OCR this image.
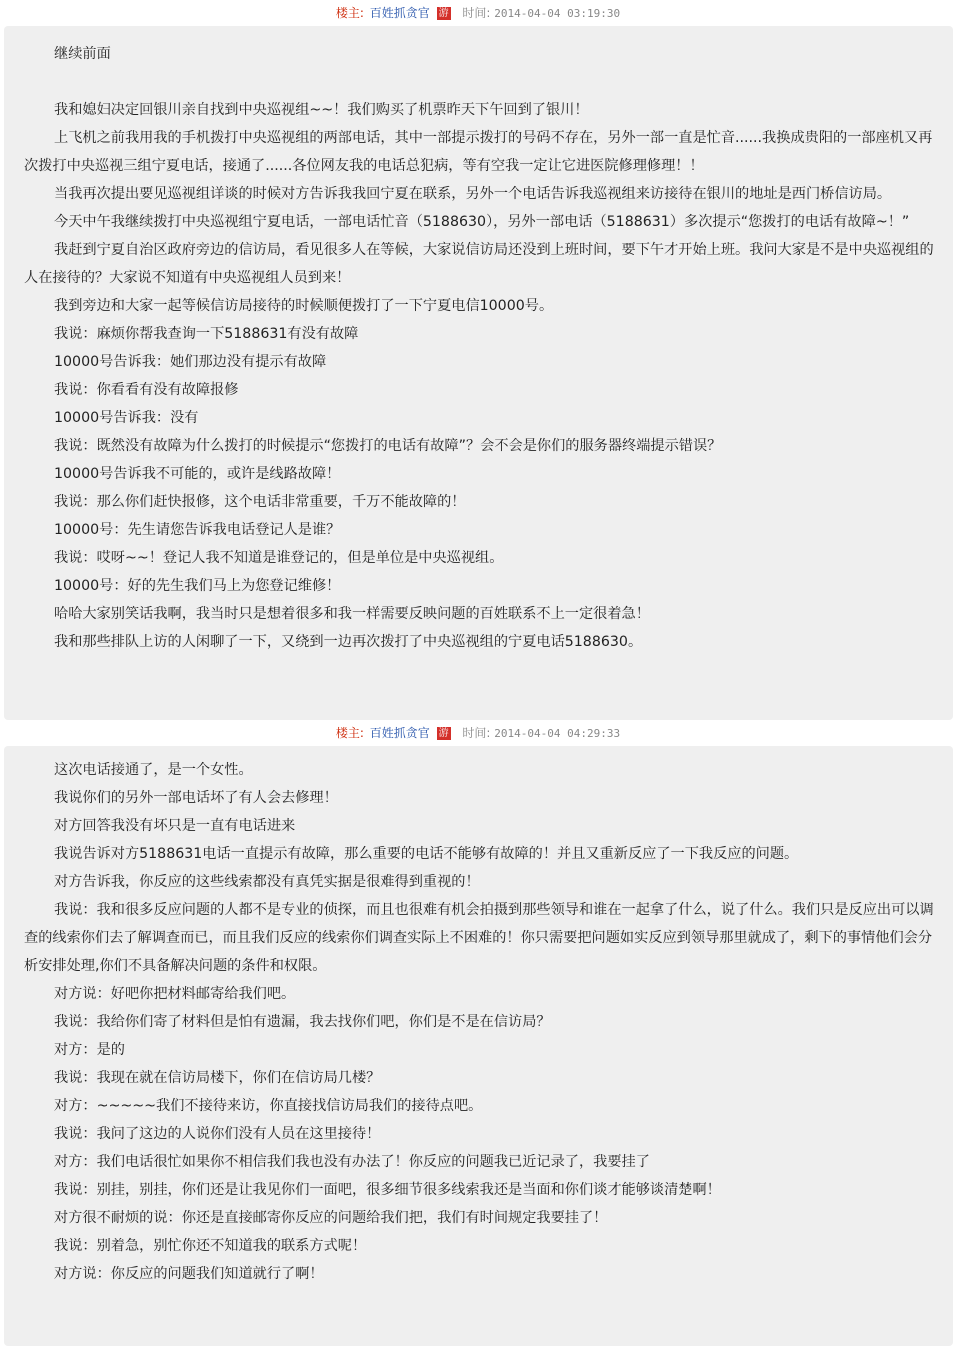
楼主: 百姓抓贪官 游 时间: 2014-04-04 03:19:30

继续前面

我和媳妇决定回银川亲自找到中央巡视组~~！我们购买了机票昨天下午回到了银川！

上飞机之前我用我的手机拨打中央巡视组的两部电话，其中一部提示拨打的号码不存在，另外一部一直是忙音......我换成贵阳的一部座机又再次拨打中央巡视三组宁夏电话，接通了......各位网友我的电话总犯病，等有空我一定让它进医院修理修理！！

当我再次提出要见巡视组详谈的时候对方告诉我我回宁夏在联系，另外一个电话告诉我巡视组来访接待在银川的地址是西门桥信访局。

今天中午我继续拨打中央巡视组宁夏电话，一部电话忙音（5188630），另外一部电话（5188631）多次提示“您拨打的电话有故障~！”

我赶到宁夏自治区政府旁边的信访局，看见很多人在等候，大家说信访局还没到上班时间，要下午才开始上班。我问大家是不是中央巡视组的人在接待的？大家说不知道有中央巡视组人员到来！

我到旁边和大家一起等候信访局接待的时候顺便拨打了一下宁夏电信10000号。

我说：麻烦你帮我查询一下5188631有没有故障

10000号告诉我：她们那边没有提示有故障

我说：你看看有没有故障报修

10000号告诉我：没有

我说：既然没有故障为什么拨打的时候提示“您拨打的电话有故障”？会不会是你们的服务器终端提示错误？

10000号告诉我不可能的，或许是线路故障！

我说：那么你们赶快报修，这个电话非常重要，千万不能故障的！

10000号：先生请您告诉我电话登记人是谁？

我说：哎呀~~！登记人我不知道是谁登记的，但是单位是中央巡视组。

10000号：好的先生我们马上为您登记维修！

哈哈大家别笑话我啊，我当时只是想着很多和我一样需要反映问题的百姓联系不上一定很着急！

我和那些排队上访的人闲聊了一下，又绕到一边再次拨打了中央巡视组的宁夏电话5188630。

楼主: 百姓抓贪官 游 时间: 2014-04-04 04:29:33

这次电话接通了，是一个女性。

我说你们的另外一部电话坏了有人会去修理！

对方回答我没有坏只是一直有电话进来

我说告诉对方5188631电话一直提示有故障，那么重要的电话不能够有故障的！并且又重新反应了一下我反应的问题。

对方告诉我，你反应的这些线索都没有真凭实据是很难得到重视的！

我说：我和很多反应问题的人都不是专业的侦探，而且也很难有机会拍摄到那些领导和谁在一起拿了什么，说了什么。我们只是反应出可以调查的线索你们去了解调查而已，而且我们反应的线索你们调查实际上不困难的！你只需要把问题如实反应到领导那里就成了，剩下的事情他们会分析安排处理,你们不具备解决问题的条件和权限。

对方说：好吧你把材料邮寄给我们吧。

我说：我给你们寄了材料但是怕有遗漏，我去找你们吧，你们是不是在信访局？

对方：是的

我说：我现在就在信访局楼下，你们在信访局几楼？

对方：~~~~~我们不接待来访，你直接找信访局我们的接待点吧。

我说：我问了这边的人说你们没有人员在这里接待！

对方：我们电话很忙如果你不相信我们我也没有办法了！你反应的问题我已近记录了，我要挂了

我说：别挂，别挂，你们还是让我见你们一面吧，很多细节很多线索我还是当面和你们谈才能够谈清楚啊！

对方很不耐烦的说：你还是直接邮寄你反应的问题给我们把，我们有时间规定我要挂了！

我说：别着急，别忙你还不知道我的联系方式呢！

对方说：你反应的问题我们知道就行了啊！
